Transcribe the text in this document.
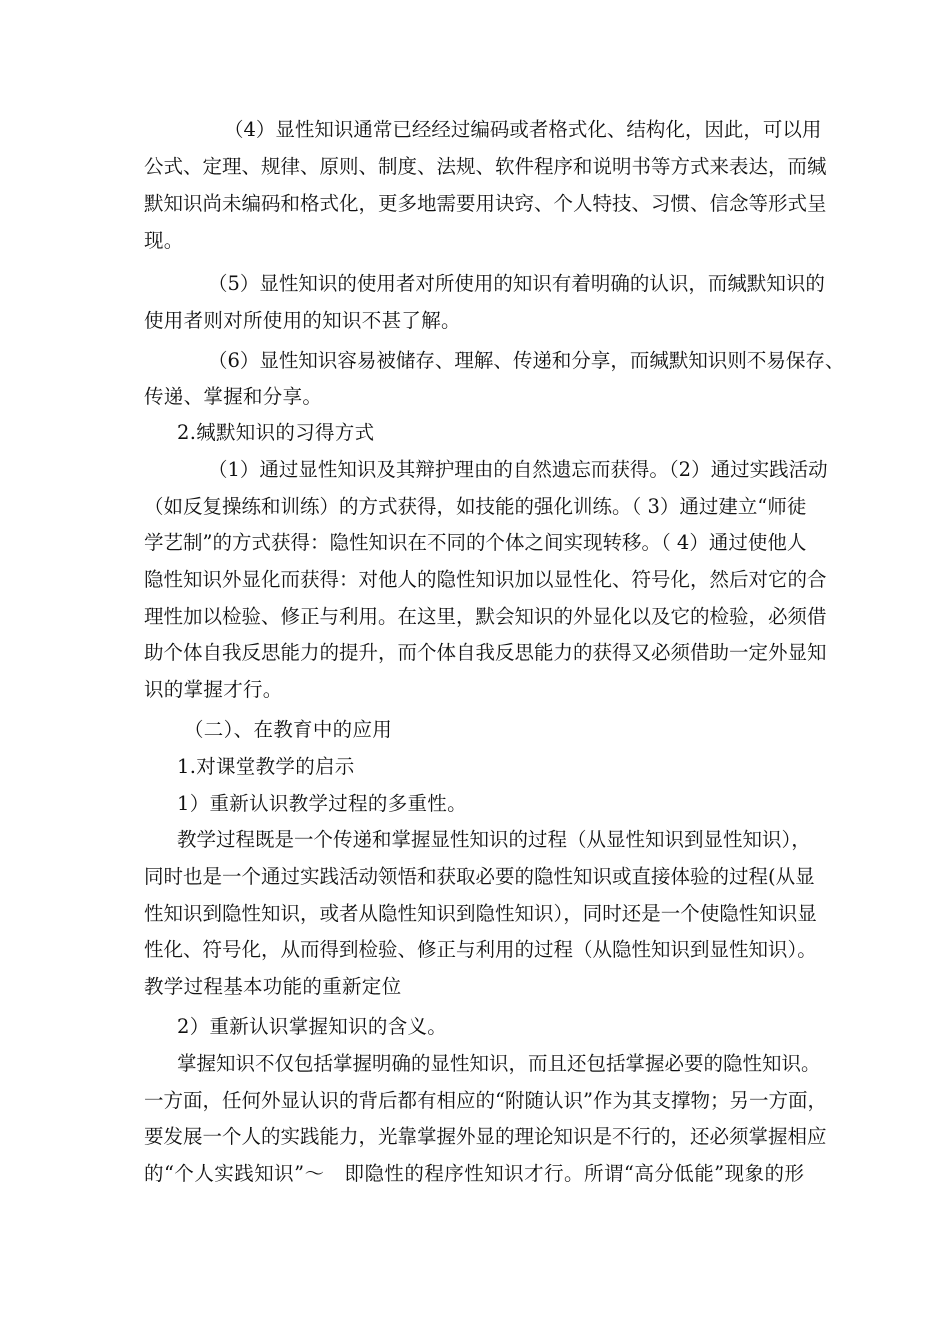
（4）显性知识通常已经经过编码或者格式化、结构化，因此，可以用
公式、定理、规律、原则、制度、法规、软件程序和说明书等方式来表达，而缄
默知识尚未编码和格式化，更多地需要用诀窍、个人特技、习惯、信念等形式呈
现。
（5）显性知识的使用者对所使用的知识有着明确的认识，而缄默知识的
使用者则对所使用的知识不甚了解。
（6）显性知识容易被储存、理解、传递和分享，而缄默知识则不易保存、
传递、掌握和分享。
2.缄默知识的习得方式
（1）通过显性知识及其辩护理由的自然遗忘而获得。（2）通过实践活动
（如反复操练和训练）的方式获得，如技能的强化训练。（ 3）通过建立“师徒
学艺制”的方式获得：隐性知识在不同的个体之间实现转移。（ 4）通过使他人
隐性知识外显化而获得：对他人的隐性知识加以显性化、符号化，然后对它的合
理性加以检验、修正与利用。在这里，默会知识的外显化以及它的检验，必须借
助个体自我反思能力的提升，而个体自我反思能力的获得又必须借助一定外显知
识的掌握才行。
（二）、在教育中的应用
1.对课堂教学的启示
1）重新认识教学过程的多重性。
教学过程既是一个传递和掌握显性知识的过程（从显性知识到显性知识），
同时也是一个通过实践活动领悟和获取必要的隐性知识或直接体验的过程(从显
性知识到隐性知识，或者从隐性知识到隐性知识），同时还是一个使隐性知识显
性化、符号化，从而得到检验、修正与利用的过程（从隐性知识到显性知识）。
教学过程基本功能的重新定位
2）重新认识掌握知识的含义。
掌握知识不仅包括掌握明确的显性知识，而且还包括掌握必要的隐性知识。
一方面，任何外显认识的背后都有相应的“附随认识”作为其支撑物；另一方面，
要发展一个人的实践能力，光靠掌握外显的理论知识是不行的，还必须掌握相应
的“个人实践知识”～　即隐性的程序性知识才行。所谓“高分低能”现象的形
